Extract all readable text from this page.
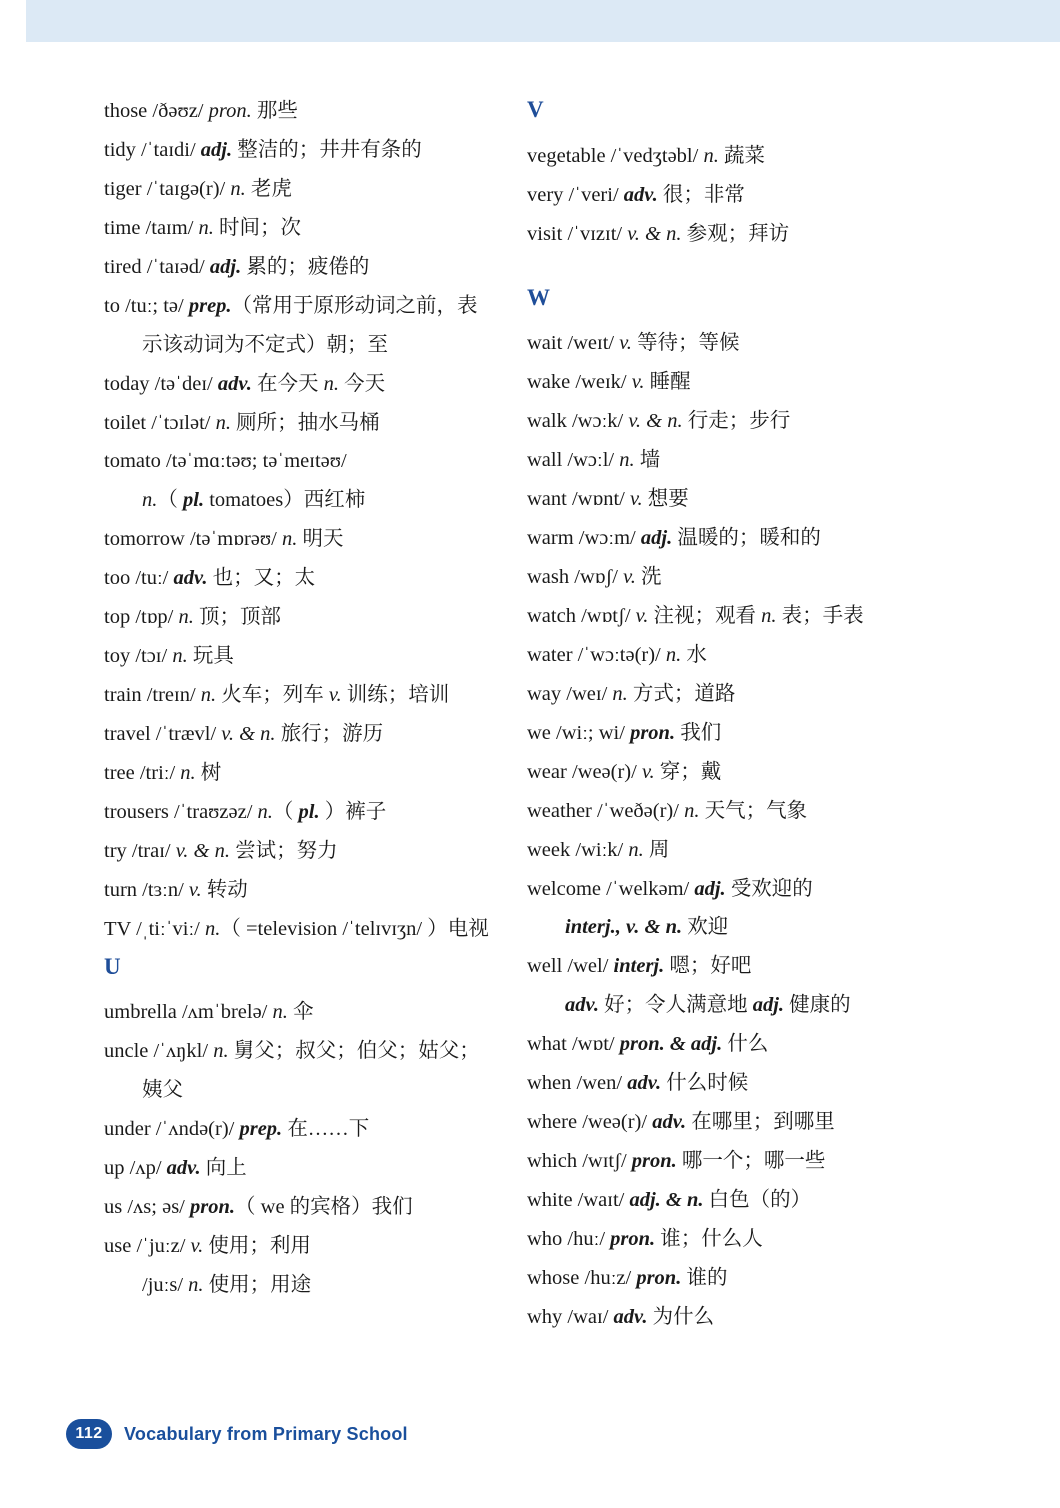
those /ðəʊz/ pron. 那些
tidy /ˈtaɪdi/ adj. 整洁的；井井有条的
tiger /ˈtaɪgə(r)/ n. 老虎
time /taɪm/ n. 时间；次
tired /ˈtaɪəd/ adj. 累的；疲倦的
to /tuː; tə/ prep.（常用于原形动词之前，表
示该动词为不定式）朝；至
today /təˈdeɪ/ adv. 在今天 n. 今天
toilet /ˈtɔɪlət/ n. 厕所；抽水马桶
tomato /təˈmɑːtəʊ; təˈmeɪtəʊ/
n.（ pl. tomatoes）西红柿
tomorrow /təˈmɒrəʊ/ n. 明天
too /tuː/ adv. 也；又；太
top /tɒp/ n. 顶；顶部
toy /tɔɪ/ n. 玩具
train /treɪn/ n. 火车；列车 v. 训练；培训
travel /ˈtrævl/ v. & n. 旅行；游历
tree /triː/ n. 树
trousers /ˈtraʊzəz/ n.（ pl. ）裤子
try /traɪ/ v. & n. 尝试；努力
turn /tɜːn/ v. 转动
TV /ˌtiːˈviː/ n.（ =television /ˈtelɪvɪʒn/ ）电视
U
umbrella /ʌmˈbrelə/ n. 伞
uncle /ˈʌŋkl/ n. 舅父；叔父；伯父；姑父；
姨父
under /ˈʌndə(r)/ prep. 在……下
up /ʌp/ adv. 向上
us /ʌs; əs/ pron.（ we 的宾格）我们
use /ˈjuːz/ v. 使用；利用
/juːs/ n. 使用；用途
V
vegetable /ˈvedʒtəbl/ n. 蔬菜
very /ˈveri/ adv. 很；非常
visit /ˈvɪzɪt/ v. & n. 参观；拜访
W
wait /weɪt/ v. 等待；等候
wake /weɪk/ v. 睡醒
walk /wɔːk/ v. & n. 行走；步行
wall /wɔːl/ n. 墙
want /wɒnt/ v. 想要
warm /wɔːm/ adj. 温暖的；暖和的
wash /wɒʃ/ v. 洗
watch /wɒtʃ/ v. 注视；观看 n. 表；手表
water /ˈwɔːtə(r)/ n. 水
way /weɪ/ n. 方式；道路
we /wiː; wi/ pron. 我们
wear /weə(r)/ v. 穿；戴
weather /ˈweðə(r)/ n. 天气；气象
week /wiːk/ n. 周
welcome /ˈwelkəm/ adj. 受欢迎的
interj., v. & n. 欢迎
well /wel/ interj. 嗯；好吧
adv. 好；令人满意地 adj. 健康的
what /wɒt/ pron. & adj. 什么
when /wen/ adv. 什么时候
where /weə(r)/ adv. 在哪里；到哪里
which /wɪtʃ/ pron. 哪一个；哪一些
white /waɪt/ adj. & n. 白色（的）
who /huː/ pron. 谁；什么人
whose /huːz/ pron. 谁的
why /waɪ/ adv. 为什么
112	Vocabulary from Primary School
